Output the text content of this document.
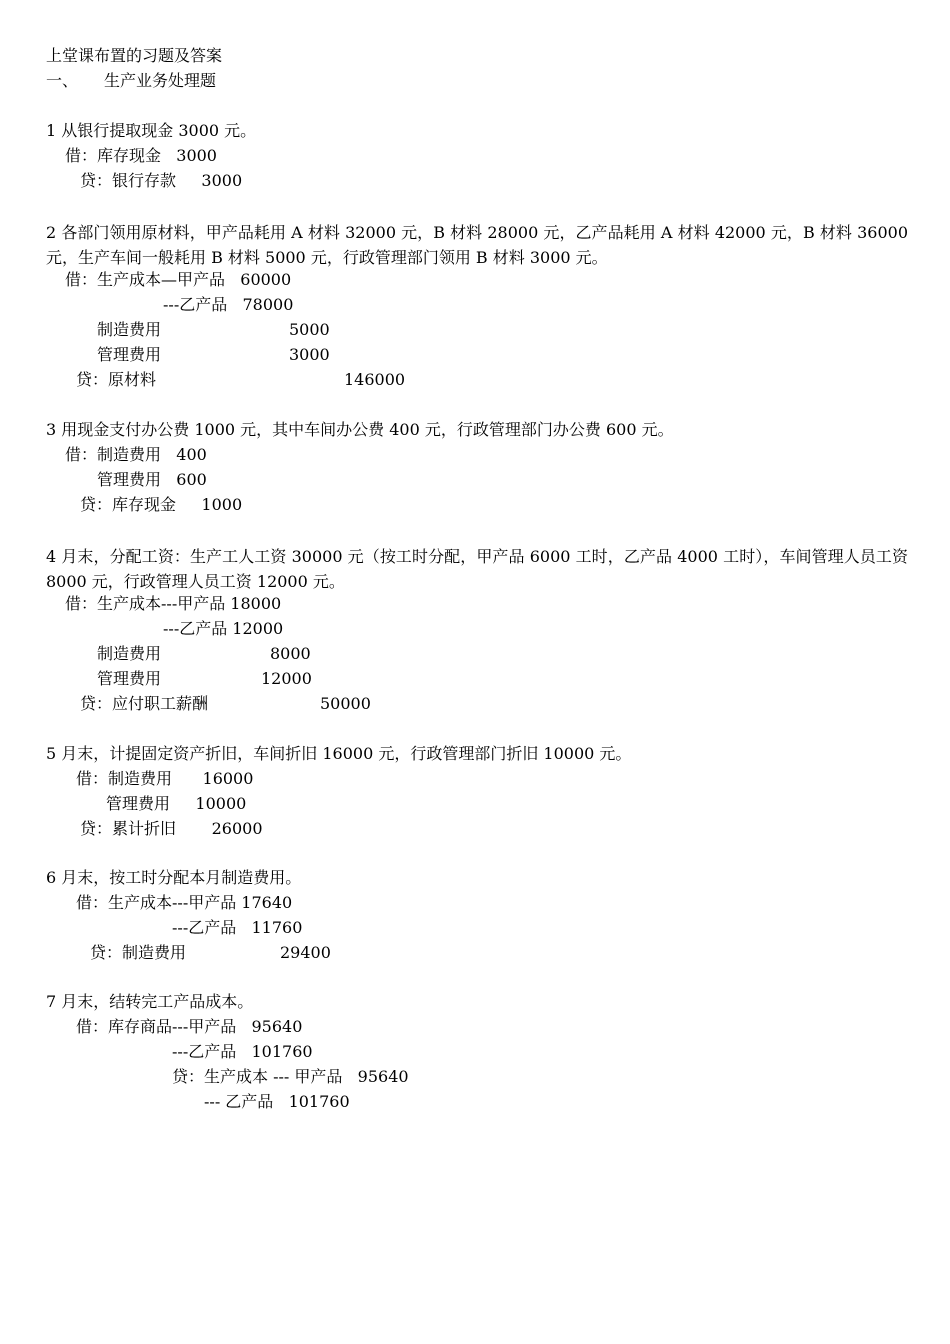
上堂课布置的习题及答案
一、 生产业务处理题
1 从银行提取现金 3000 元。
借：库存现金   3000
贷：银行存款     3000

2 各部门领用原材料，甲产品耗用 A 材料 32000 元，B 材料 28000 元，乙产品耗用 A 材料 42000 元，B 材料 36000 元，生产车间一般耗用 B 材料 5000 元，行政管理部门领用 B 材料 3000 元。

借：生产成本—甲产品   60000
---乙产品   78000
制造费用	5000
管理费用	3000
贷：原材料	146000
3 用现金支付办公费 1000 元，其中车间办公费 400 元，行政管理部门办公费 600 元。
借：制造费用   400
管理费用   600
贷：库存现金     1000

4 月末，分配工资：生产工人工资 30000 元（按工时分配，甲产品 6000 工时，乙产品 4000 工时），车间管理人员工资 8000 元，行政管理人员工资 12000 元。

借：生产成本---甲产品 18000
---乙产品 12000
制造费用	8000
管理费用	12000
贷：应付职工薪酬	50000
5 月末，计提固定资产折旧，车间折旧 16000 元，行政管理部门折旧 10000 元。
借：制造费用      16000
管理费用     10000
贷：累计折旧       26000
6 月末，按工时分配本月制造费用。
借：生产成本---甲产品 17640
---乙产品   11760
贷：制造费用	29400
7 月末，结转完工产品成本。
借：库存商品---甲产品   95640
---乙产品   101760
贷：生产成本 --- 甲产品   95640
--- 乙产品   101760
